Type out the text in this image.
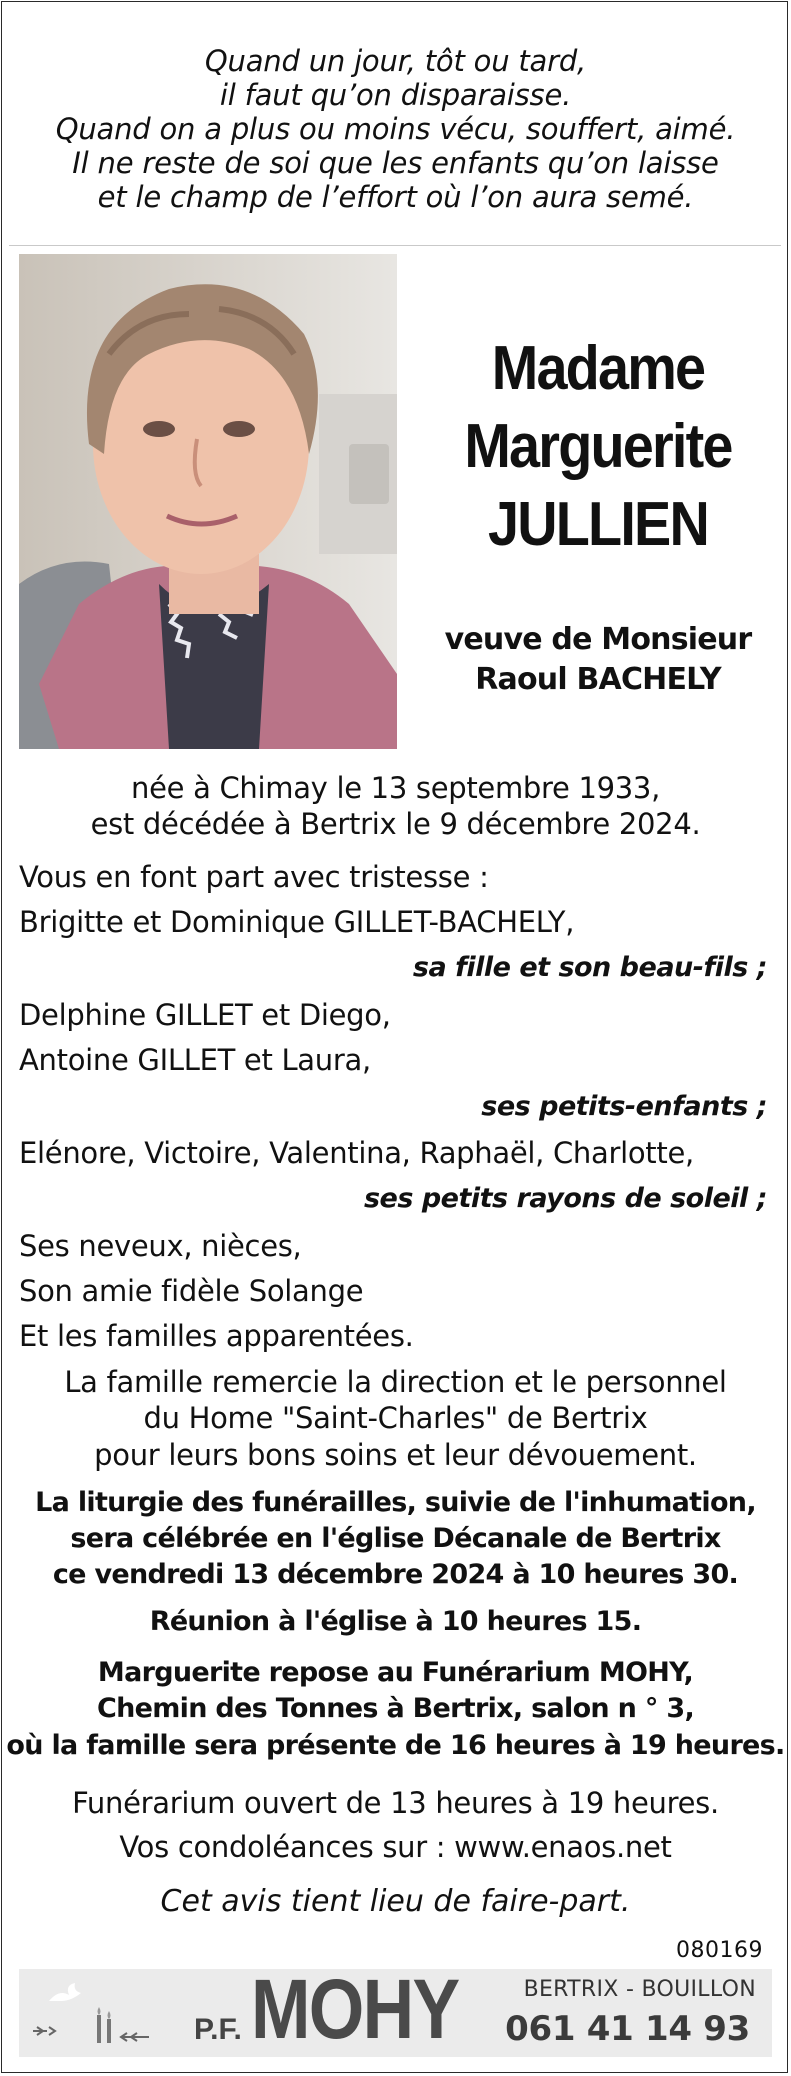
Quand un jour, tôt ou tard,
il faut qu’on disparaisse.
Quand on a plus ou moins vécu, souffert, aimé.
Il ne reste de soi que les enfants qu’on laisse
et le champ de l’effort où l’on aura semé.
Madame
Marguerite
JULLIEN
veuve de Monsieur
Raoul BACHELY
née à Chimay le 13 septembre 1933,
est décédée à Bertrix le 9 décembre 2024.
Vous en font part avec tristesse :
Brigitte et Dominique GILLET-BACHELY,
sa fille et son beau-fils ;
Delphine GILLET et Diego,
Antoine GILLET et Laura,
ses petits-enfants ;
Elénore, Victoire, Valentina, Raphaël, Charlotte,
ses petits rayons de soleil ;
Ses neveux, nièces,
Son amie fidèle Solange
Et les familles apparentées.
La famille remercie la direction et le personnel
du Home "Saint-Charles" de Bertrix
pour leurs bons soins et leur dévouement.
La liturgie des funérailles, suivie de l'inhumation,
sera célébrée en l'église Décanale de Bertrix
ce vendredi 13 décembre 2024 à 10 heures 30.
Réunion à l'église à 10 heures 15.
Marguerite repose au Funérarium MOHY,
Chemin des Tonnes à Bertrix, salon n ° 3,
où la famille sera présente de 16 heures à 19 heures.
Funérarium ouvert de 13 heures à 19 heures.
Vos condoléances sur : www.enaos.net
Cet avis tient lieu de faire-part.
080169
P.F. MOHY	BERTRIX - BOUILLON
061 41 14 93
